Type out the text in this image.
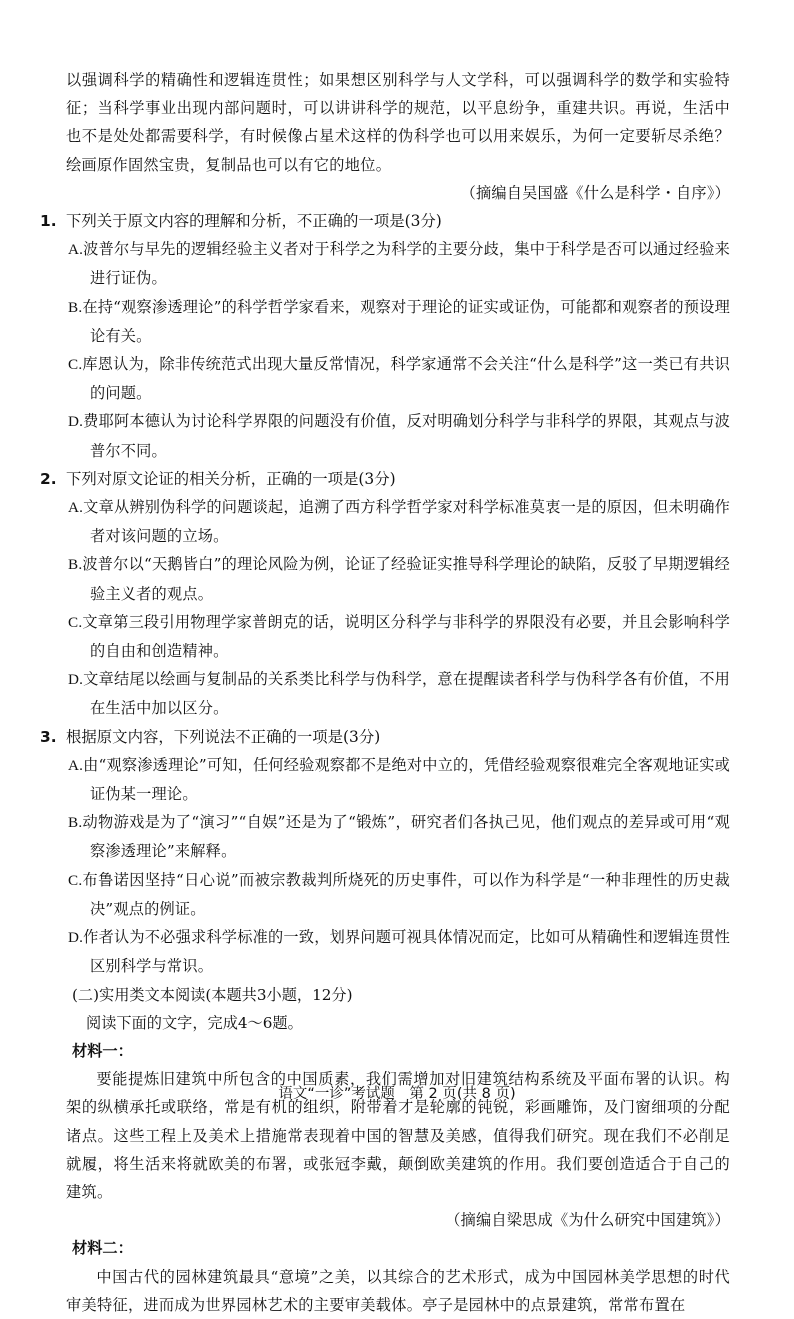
以强调科学的精确性和逻辑连贯性；如果想区别科学与人文学科，可以强调科学的数学和实验特征；当科学事业出现内部问题时，可以讲讲科学的规范，以平息纷争，重建共识。再说，生活中也不是处处都需要科学，有时候像占星术这样的伪科学也可以用来娱乐，为何一定要斩尽杀绝？绘画原作固然宝贵，复制品也可以有它的地位。

（摘编自吴国盛《什么是科学・自序》）

1. 下列关于原文内容的理解和分析，不正确的一项是(3分)

A.波普尔与早先的逻辑经验主义者对于科学之为科学的主要分歧，集中于科学是否可以通过经验来进行证伪。

B.在持“观察渗透理论”的科学哲学家看来，观察对于理论的证实或证伪，可能都和观察者的预设理论有关。

C.库恩认为，除非传统范式出现大量反常情况，科学家通常不会关注“什么是科学”这一类已有共识的问题。

D.费耶阿本德认为讨论科学界限的问题没有价值，反对明确划分科学与非科学的界限，其观点与波普尔不同。

2. 下列对原文论证的相关分析，正确的一项是(3分)

A.文章从辨别伪科学的问题谈起，追溯了西方科学哲学家对科学标准莫衷一是的原因，但未明确作者对该问题的立场。

B.波普尔以“天鹅皆白”的理论风险为例，论证了经验证实推导科学理论的缺陷，反驳了早期逻辑经验主义者的观点。

C.文章第三段引用物理学家普朗克的话，说明区分科学与非科学的界限没有必要，并且会影响科学的自由和创造精神。

D.文章结尾以绘画与复制品的关系类比科学与伪科学，意在提醒读者科学与伪科学各有价值，不用在生活中加以区分。

3. 根据原文内容，下列说法不正确的一项是(3分)

A.由“观察渗透理论”可知，任何经验观察都不是绝对中立的，凭借经验观察很难完全客观地证实或证伪某一理论。

B.动物游戏是为了“演习”“自娱”还是为了“锻炼”，研究者们各执己见，他们观点的差异或可用“观察渗透理论”来解释。

C.布鲁诺因坚持“日心说”而被宗教裁判所烧死的历史事件，可以作为科学是“一种非理性的历史裁决”观点的例证。

D.作者认为不必强求科学标准的一致，划界问题可视具体情况而定，比如可从精确性和逻辑连贯性区别科学与常识。

(二)实用类文本阅读(本题共3小题，12分)

阅读下面的文字，完成4～6题。

材料一：

要能提炼旧建筑中所包含的中国质素，我们需增加对旧建筑结构系统及平面布署的认识。构架的纵横承托或联络，常是有机的组织，附带着才是轮廓的钝锐，彩画雕饰，及门窗细项的分配诸点。这些工程上及美术上措施常表现着中国的智慧及美感，值得我们研究。现在我们不必削足就履，将生活来将就欧美的布署，或张冠李戴，颠倒欧美建筑的作用。我们要创造适合于自己的建筑。

（摘编自梁思成《为什么研究中国建筑》）

材料二：

中国古代的园林建筑最具“意境”之美，以其综合的艺术形式，成为中国园林美学思想的时代审美特征，进而成为世界园林艺术的主要审美载体。亭子是园林中的点景建筑，常常布置在

语文“一诊”考试题　第 2 页(共 8 页)
